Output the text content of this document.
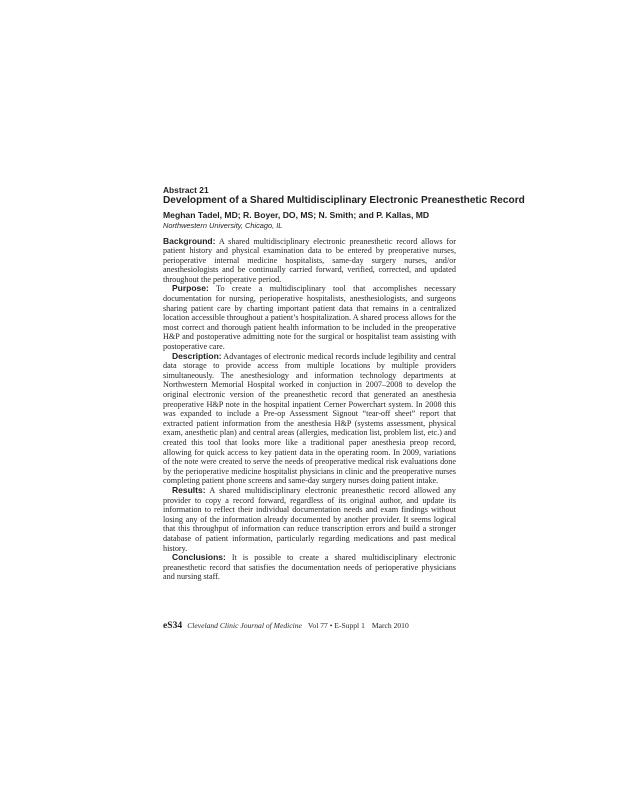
Abstract 21
Development of a Shared Multidisciplinary Electronic Preanesthetic Record
Meghan Tadel, MD; R. Boyer, DO, MS; N. Smith; and P. Kallas, MD
Northwestern University, Chicago, IL

Background: A shared multidisciplinary electronic preanesthetic record allows for patient history and physical examination data to be entered by preoperative nurses, perioperative internal medicine hospitalists, same-day surgery nurses, and/or anesthesiologists and be continually carried forward, verified, corrected, and updated throughout the perioperative period.

Purpose: To create a multidisciplinary tool that accomplishes necessary documentation for nursing, perioperative hospitalists, anesthesiologists, and surgeons sharing patient care by charting important patient data that remains in a centralized location accessible throughout a patient’s hospitalization. A shared process allows for the most correct and thorough patient health information to be included in the preoperative H&P and postoperative admitting note for the surgical or hospitalist team assisting with postoperative care.

Description: Advantages of electronic medical records include legibility and central data storage to provide access from multiple locations by multiple providers simultaneously. The anesthesiology and information technology departments at Northwestern Memorial Hospital worked in conjuction in 2007–2008 to develop the original electronic version of the preanesthetic record that generated an anesthesia preoperative H&P note in the hospital inpatient Cerner Powerchart system. In 2008 this was expanded to include a Pre-op Assessment Signout “tear-off sheet” report that extracted patient information from the anesthesia H&P (systems assessment, physical exam, anesthetic plan) and central areas (allergies, medication list, problem list, etc.) and created this tool that looks more like a traditional paper anesthesia preop record, allowing for quick access to key patient data in the operating room. In 2009, variations of the note were created to serve the needs of preoperative medical risk evaluations done by the perioperative medicine hospitalist physicians in clinic and the preoperative nurses completing patient phone screens and same-day surgery nurses doing patient intake.

Results: A shared multidisciplinary electronic preanesthetic record allowed any provider to copy a record forward, regardless of its original author, and update its information to reflect their individual documentation needs and exam findings without losing any of the information already documented by another provider. It seems logical that this throughput of information can reduce transcription errors and build a stronger database of patient information, particularly regarding medications and past medical history.

Conclusions: It is possible to create a shared multidisciplinary electronic preanesthetic record that satisfies the documentation needs of perioperative physicians and nursing staff.

eS34 Cleveland Clinic Journal of Medicine Vol 77 • E-Suppl 1 March 2010
